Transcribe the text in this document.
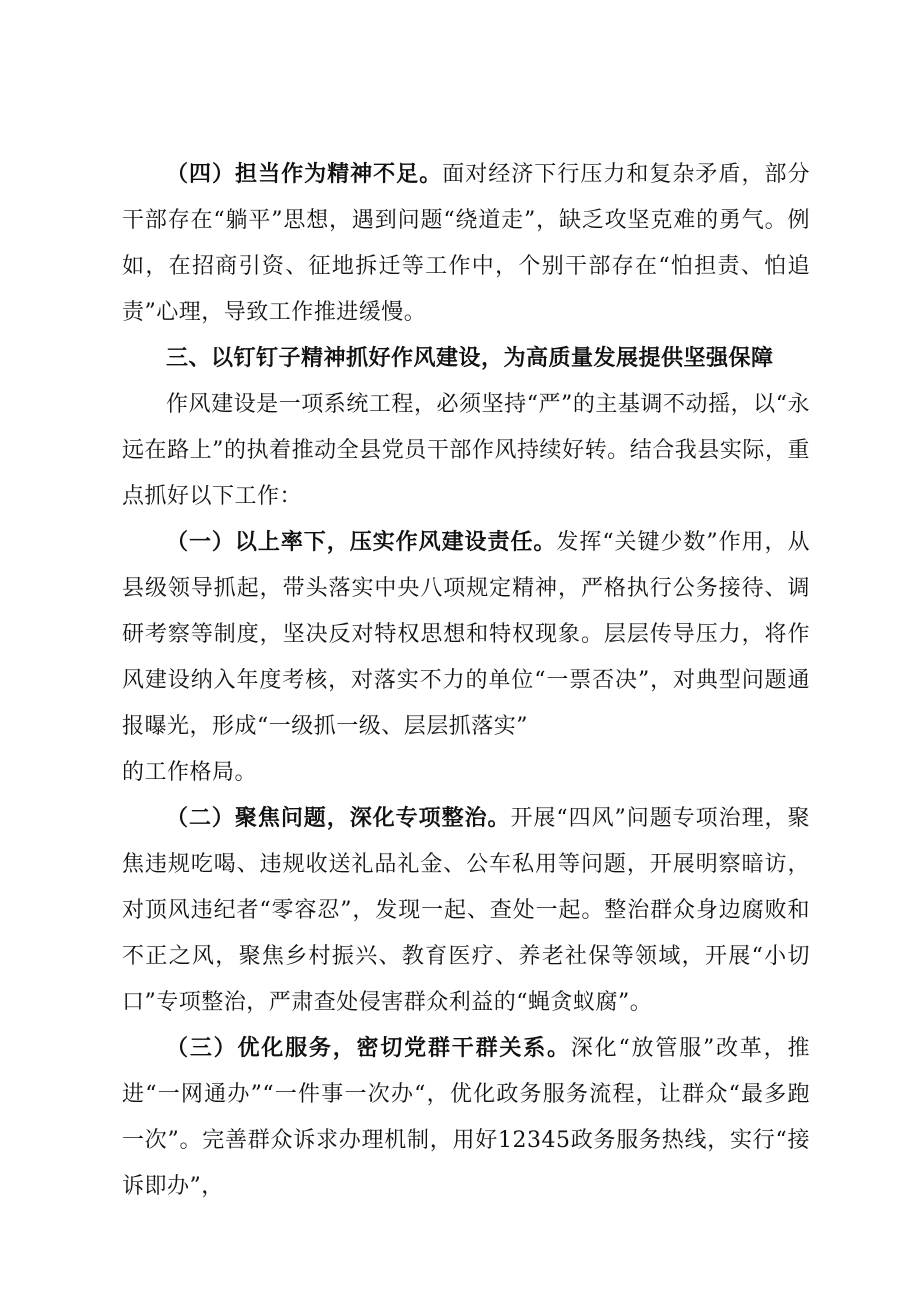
（四）担当作为精神不足。面对经济下行压力和复杂矛盾，部分干部存在“躺平”思想，遇到问题“绕道走”，缺乏攻坚克难的勇气。例如，在招商引资、征地拆迁等工作中，个别干部存在“怕担责、怕追责”心理，导致工作推进缓慢。

三、以钉钉子精神抓好作风建设，为高质量发展提供坚强保障

作风建设是一项系统工程，必须坚持“严”的主基调不动摇，以“永远在路上”的执着推动全县党员干部作风持续好转。结合我县实际，重点抓好以下工作：

（一）以上率下，压实作风建设责任。发挥“关键少数”作用，从县级领导抓起，带头落实中央八项规定精神，严格执行公务接待、调研考察等制度，坚决反对特权思想和特权现象。层层传导压力，将作风建设纳入年度考核，对落实不力的单位“一票否决”，对典型问题通报曝光，形成“一级抓一级、层层抓落实”

的工作格局。

（二）聚焦问题，深化专项整治。开展“四风”问题专项治理，聚焦违规吃喝、违规收送礼品礼金、公车私用等问题，开展明察暗访，对顶风违纪者“零容忍”，发现一起、查处一起。整治群众身边腐败和不正之风，聚焦乡村振兴、教育医疗、养老社保等领域，开展“小切口”专项整治，严肃查处侵害群众利益的“蝇贪蚁腐”。

（三）优化服务，密切党群干群关系。深化“放管服”改革，推进“一网通办”“一件事一次办“，优化政务服务流程，让群众“最多跑一次”。完善群众诉求办理机制，用好12345政务服务热线，实行“接诉即办”，
